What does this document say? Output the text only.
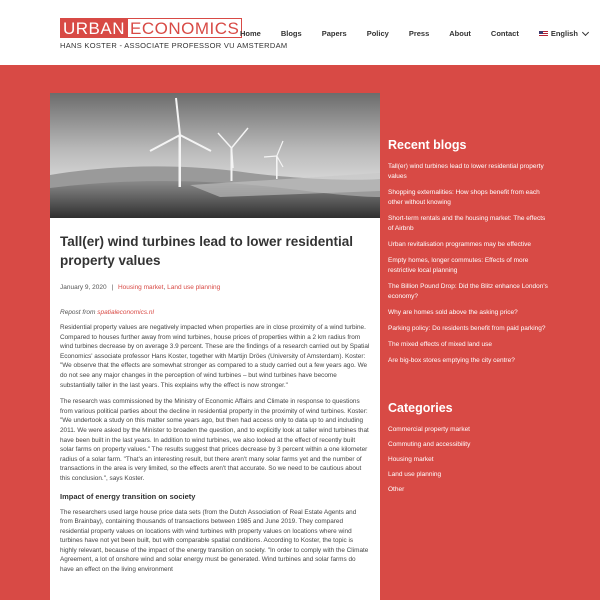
URBAN ECONOMICS
HANS KOSTER - ASSOCIATE PROFESSOR VU AMSTERDAM
Home	Blogs	Papers	Policy	Press	About	Contact	English
Tall(er) wind turbines lead to lower residential property values
January 9, 2020 | Housing market, Land use planning

Repost from spatialeconomics.nl

Residential property values are negatively impacted when properties are in close proximity of a wind turbine. Compared to houses further away from wind turbines, house prices of properties within a 2 km radius from wind turbines decrease by on average 3.9 percent. These are the findings of a research carried out by Spatial Economics' associate professor Hans Koster, together with Martijn Dröes (University of Amsterdam). Koster: "We observe that the effects are somewhat stronger as compared to a study carried out a few years ago. We do not see any major changes in the perception of wind turbines – but wind turbines have become substantially taller in the last years. This explains why the effect is now stronger."

The research was commissioned by the Ministry of Economic Affairs and Climate in response to questions from various political parties about the decline in residential property in the proximity of wind turbines. Koster: "We undertook a study on this matter some years ago, but then had access only to data up to and including 2011. We were asked by the Minister to broaden the question, and to explicitly look at taller wind turbines that have been built in the last years. In addition to wind turbines, we also looked at the effect of recently built solar farms on property values." The results suggest that prices decrease by 3 percent within a one kilometer radius of a solar farm. "That's an interesting result, but there aren't many solar farms yet and the number of transactions in the area is very limited, so the effects aren't that accurate. So we need to be cautious about this conclusion.", says Koster.

Impact of energy transition on society

The researchers used large house price data sets (from the Dutch Association of Real Estate Agents and from Brainbay), containing thousands of transactions between 1985 and June 2019. They compared residential property values on locations with wind turbines with property values on locations where wind turbines have not yet been built, but with comparable spatial conditions. According to Koster, the topic is highly relevant, because of the impact of the energy transition on society. "In order to comply with the Climate Agreement, a lot of onshore wind and solar energy must be generated. Wind turbines and solar farms do have an effect on the living environment

Recent blogs
Tall(er) wind turbines lead to lower residential property values
Shopping externalities: How shops benefit from each other without knowing
Short-term rentals and the housing market: The effects of Airbnb
Urban revitalisation programmes may be effective
Empty homes, longer commutes: Effects of more restrictive local planning
The Billion Pound Drop: Did the Blitz enhance London's economy?
Why are homes sold above the asking price?
Parking policy: Do residents benefit from paid parking?
The mixed effects of mixed land use
Are big-box stores emptying the city centre?
Categories
Commercial property market
Commuting and accessibility
Housing market
Land use planning
Other
